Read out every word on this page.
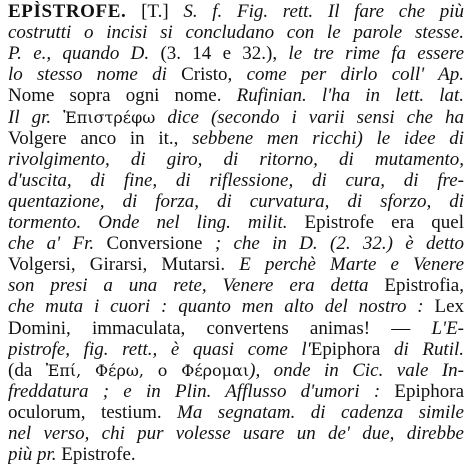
EPÌSTROFE. [T.] S. f. Fig. rett. Il fare che più
costrutti o incisi si concludano con le parole stesse.
P. e., quando D. (3. 14 e 32.), le tre rime fa essere
lo stesso nome di Cristo, come per dirlo coll' Ap.
Nome sopra ogni nome. Rufinian. l'ha in lett. lat.
Il gr. Ἐπιστρέφω dice (secondo i varii sensi che ha
Volgere anco in it., sebbene men ricchi) le idee di
rivolgimento, di giro, di ritorno, di mutamento,
d'uscita, di fine, di riflessione, di cura, di fre-
quentazione, di forza, di curvatura, di sforzo, di
tormento. Onde nel ling. milit. Epistrofe era quel
che a' Fr. Conversione ; che in D. (2. 32.) è detto
Volgersi, Girarsi, Mutarsi. E perchè Marte e Venere
son presi a una rete, Venere era detta Epistrofia,
che muta i cuori : quanto men alto del nostro : Lex
Domini, immaculata, convertens animas! — L'E-
pistrofe, fig. rett., è quasi come l'Epiphora di Rutil.
(da Ἐπί, Φέρω, ο Φέρομαι), onde in Cic. vale In-
freddatura ; e in Plin. Afflusso d'umori : Epiphora
oculorum, testium. Ma segnatam. di cadenza simile
nel verso, chi pur volesse usare un de' due, direbbe
più pr. Epistrofe.
